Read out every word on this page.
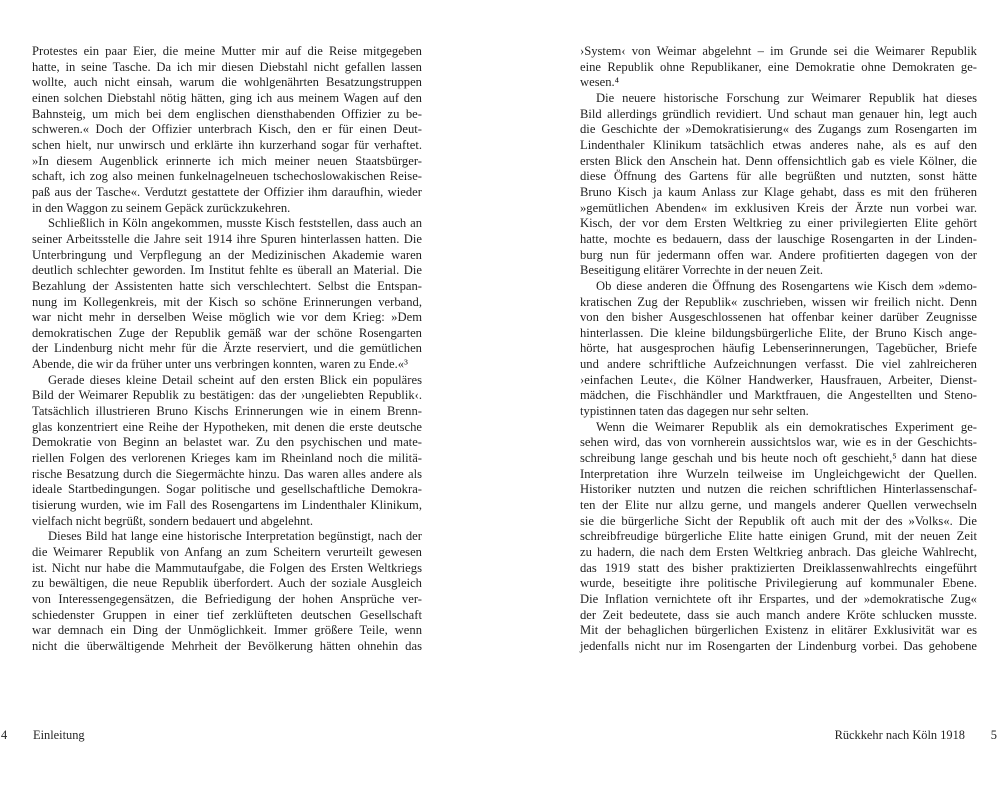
Protestes ein paar Eier, die meine Mutter mir auf die Reise mitgegeben
hatte, in seine Tasche. Da ich mir diesen Diebstahl nicht gefallen lassen
wollte, auch nicht einsah, warum die wohlgenährten Besatzungstruppen
einen solchen Diebstahl nötig hätten, ging ich aus meinem Wagen auf den
Bahnsteig, um mich bei dem englischen diensthabenden Offizier zu be-
schweren.« Doch der Offizier unterbrach Kisch, den er für einen Deut-
schen hielt, nur unwirsch und erklärte ihn kurzerhand sogar für verhaftet.
»In diesem Augenblick erinnerte ich mich meiner neuen Staatsbürger-
schaft, ich zog also meinen funkelnagelneuen tschechoslowakischen Reise-
paß aus der Tasche«. Verdutzt gestattete der Offizier ihm daraufhin, wieder
in den Waggon zu seinem Gepäck zurückzukehren.
Schließlich in Köln angekommen, musste Kisch feststellen, dass auch an
seiner Arbeitsstelle die Jahre seit 1914 ihre Spuren hinterlassen hatten. Die
Unterbringung und Verpflegung an der Medizinischen Akademie waren
deutlich schlechter geworden. Im Institut fehlte es überall an Material. Die
Bezahlung der Assistenten hatte sich verschlechtert. Selbst die Entspan-
nung im Kollegenkreis, mit der Kisch so schöne Erinnerungen verband,
war nicht mehr in derselben Weise möglich wie vor dem Krieg: »Dem
demokratischen Zuge der Republik gemäß war der schöne Rosengarten
der Lindenburg nicht mehr für die Ärzte reserviert, und die gemütlichen
Abende, die wir da früher unter uns verbringen konnten, waren zu Ende.«³
Gerade dieses kleine Detail scheint auf den ersten Blick ein populäres
Bild der Weimarer Republik zu bestätigen: das der ›ungeliebten Republik‹.
Tatsächlich illustrieren Bruno Kischs Erinnerungen wie in einem Brenn-
glas konzentriert eine Reihe der Hypotheken, mit denen die erste deutsche
Demokratie von Beginn an belastet war. Zu den psychischen und mate-
riellen Folgen des verlorenen Krieges kam im Rheinland noch die militä-
rische Besatzung durch die Siegermächte hinzu. Das waren alles andere als
ideale Startbedingungen. Sogar politische und gesellschaftliche Demokra-
tisierung wurden, wie im Fall des Rosengartens im Lindenthaler Klinikum,
vielfach nicht begrüßt, sondern bedauert und abgelehnt.
Dieses Bild hat lange eine historische Interpretation begünstigt, nach der
die Weimarer Republik von Anfang an zum Scheitern verurteilt gewesen
ist. Nicht nur habe die Mammutaufgabe, die Folgen des Ersten Weltkriegs
zu bewältigen, die neue Republik überfordert. Auch der soziale Ausgleich
von Interessengegensätzen, die Befriedigung der hohen Ansprüche ver-
schiedenster Gruppen in einer tief zerklüfteten deutschen Gesellschaft
war demnach ein Ding der Unmöglichkeit. Immer größere Teile, wenn
nicht die überwältigende Mehrheit der Bevölkerung hätten ohnehin das
4 Einleitung
›System‹ von Weimar abgelehnt – im Grunde sei die Weimarer Republik
eine Republik ohne Republikaner, eine Demokratie ohne Demokraten ge-
wesen.⁴
Die neuere historische Forschung zur Weimarer Republik hat dieses
Bild allerdings gründlich revidiert. Und schaut man genauer hin, legt auch
die Geschichte der »Demokratisierung« des Zugangs zum Rosengarten im
Lindenthaler Klinikum tatsächlich etwas anderes nahe, als es auf den
ersten Blick den Anschein hat. Denn offensichtlich gab es viele Kölner, die
diese Öffnung des Gartens für alle begrüßten und nutzten, sonst hätte
Bruno Kisch ja kaum Anlass zur Klage gehabt, dass es mit den früheren
»gemütlichen Abenden« im exklusiven Kreis der Ärzte nun vorbei war.
Kisch, der vor dem Ersten Weltkrieg zu einer privilegierten Elite gehört
hatte, mochte es bedauern, dass der lauschige Rosengarten in der Linden-
burg nun für jedermann offen war. Andere profitierten dagegen von der
Beseitigung elitärer Vorrechte in der neuen Zeit.
Ob diese anderen die Öffnung des Rosengartens wie Kisch dem »demo-
kratischen Zug der Republik« zuschrieben, wissen wir freilich nicht. Denn
von den bisher Ausgeschlossenen hat offenbar keiner darüber Zeugnisse
hinterlassen. Die kleine bildungsbürgerliche Elite, der Bruno Kisch ange-
hörte, hat ausgesprochen häufig Lebenserinnerungen, Tagebücher, Briefe
und andere schriftliche Aufzeichnungen verfasst. Die viel zahlreicheren
›einfachen Leute‹, die Kölner Handwerker, Hausfrauen, Arbeiter, Dienst-
mädchen, die Fischhändler und Marktfrauen, die Angestellten und Steno-
typistinnen taten das dagegen nur sehr selten.
Wenn die Weimarer Republik als ein demokratisches Experiment ge-
sehen wird, das von vornherein aussichtslos war, wie es in der Geschichts-
schreibung lange geschah und bis heute noch oft geschieht,⁵ dann hat diese
Interpretation ihre Wurzeln teilweise im Ungleichgewicht der Quellen.
Historiker nutzten und nutzen die reichen schriftlichen Hinterlassenschaf-
ten der Elite nur allzu gerne, und mangels anderer Quellen verwechseln
sie die bürgerliche Sicht der Republik oft auch mit der des »Volks«. Die
schreibfreudige bürgerliche Elite hatte einigen Grund, mit der neuen Zeit
zu hadern, die nach dem Ersten Weltkrieg anbrach. Das gleiche Wahlrecht,
das 1919 statt des bisher praktizierten Dreiklassenwahlrechts eingeführt
wurde, beseitigte ihre politische Privilegierung auf kommunaler Ebene.
Die Inflation vernichtete oft ihr Erspartes, und der »demokratische Zug«
der Zeit bedeutete, dass sie auch manch andere Kröte schlucken musste.
Mit der behaglichen bürgerlichen Existenz in elitärer Exklusivität war es
jedenfalls nicht nur im Rosengarten der Lindenburg vorbei. Das gehobene
Rückkehr nach Köln 1918 5
